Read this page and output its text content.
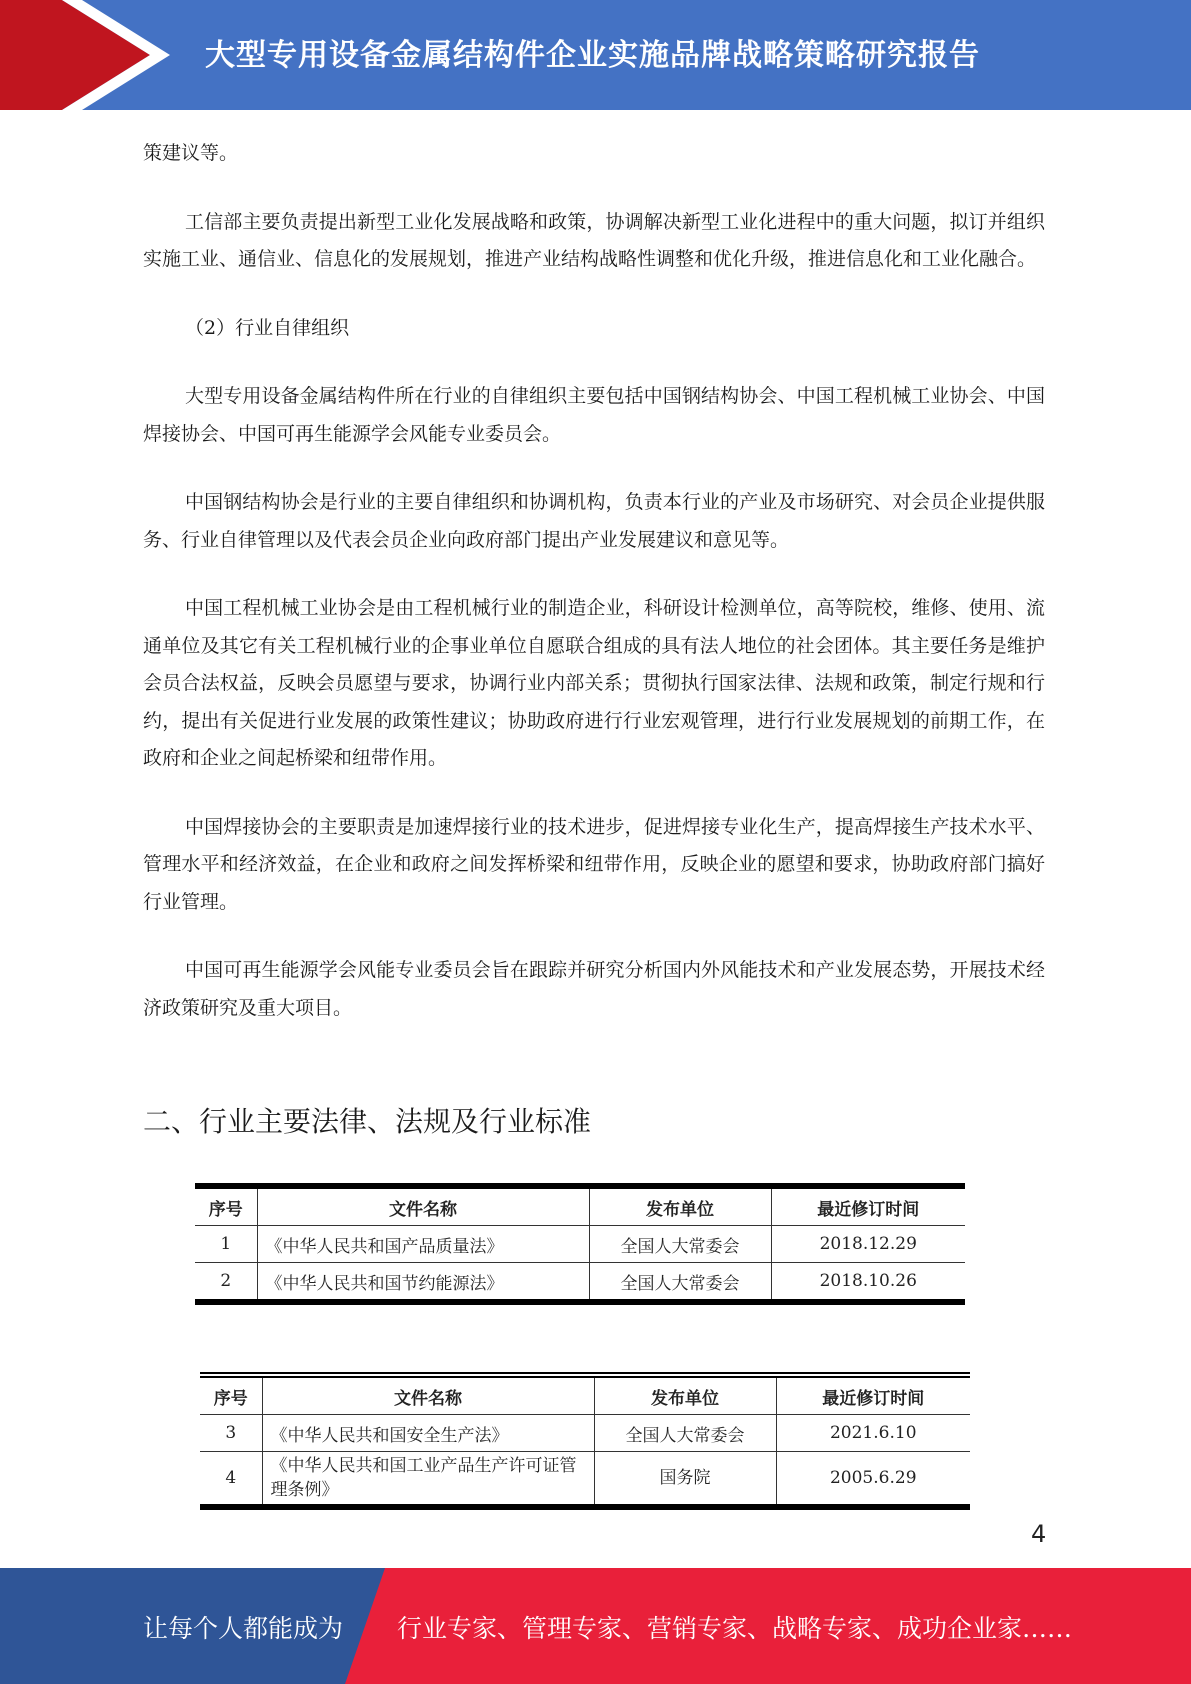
大型专用设备金属结构件企业实施品牌战略策略研究报告

策建议等。

工信部主要负责提出新型工业化发展战略和政策，协调解决新型工业化进程中的重大问题，拟订并组织实施工业、通信业、信息化的发展规划，推进产业结构战略性调整和优化升级，推进信息化和工业化融合。

（2）行业自律组织

大型专用设备金属结构件所在行业的自律组织主要包括中国钢结构协会、中国工程机械工业协会、中国焊接协会、中国可再生能源学会风能专业委员会。

中国钢结构协会是行业的主要自律组织和协调机构，负责本行业的产业及市场研究、对会员企业提供服务、行业自律管理以及代表会员企业向政府部门提出产业发展建议和意见等。

中国工程机械工业协会是由工程机械行业的制造企业，科研设计检测单位，高等院校，维修、使用、流通单位及其它有关工程机械行业的企事业单位自愿联合组成的具有法人地位的社会团体。其主要任务是维护会员合法权益，反映会员愿望与要求，协调行业内部关系；贯彻执行国家法律、法规和政策，制定行规和行约，提出有关促进行业发展的政策性建议；协助政府进行行业宏观管理，进行行业发展规划的前期工作，在政府和企业之间起桥梁和纽带作用。

中国焊接协会的主要职责是加速焊接行业的技术进步，促进焊接专业化生产，提高焊接生产技术水平、管理水平和经济效益，在企业和政府之间发挥桥梁和纽带作用，反映企业的愿望和要求，协助政府部门搞好行业管理。

中国可再生能源学会风能专业委员会旨在跟踪并研究分析国内外风能技术和产业发展态势，开展技术经济政策研究及重大项目。

二、行业主要法律、法规及行业标准
序号	文件名称	发布单位	最近修订时间
1	《中华人民共和国产品质量法》	全国人大常委会	2018.12.29
2	《中华人民共和国节约能源法》	全国人大常委会	2018.10.26
序号	文件名称	发布单位	最近修订时间
3	《中华人民共和国安全生产法》	全国人大常委会	2021.6.10
4	《中华人民共和国工业产品生产许可证管理条例》	国务院	2005.6.29
4
让每个人都能成为 行业专家、管理专家、营销专家、战略专家、成功企业家……
